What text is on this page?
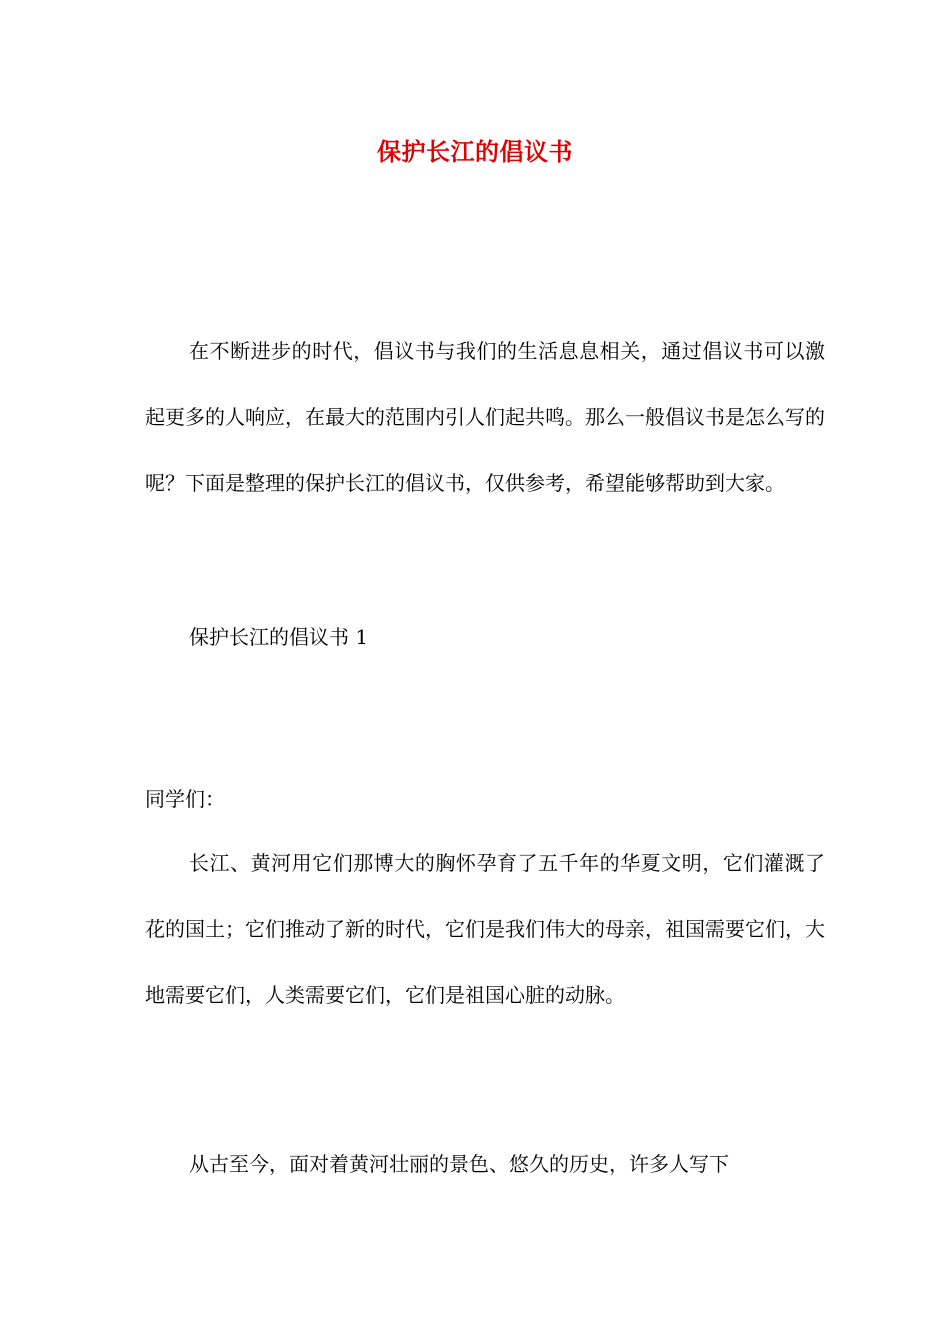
保护长江的倡议书

在不断进步的时代，倡议书与我们的生活息息相关，通过倡议书可以激起更多的人响应，在最大的范围内引人们起共鸣。那么一般倡议书是怎么写的呢？下面是整理的保护长江的倡议书，仅供参考，希望能够帮助到大家。

保护长江的倡议书 1

同学们：

长江、黄河用它们那博大的胸怀孕育了五千年的华夏文明，它们灌溉了花的国土；它们推动了新的时代，它们是我们伟大的母亲，祖国需要它们，大地需要它们，人类需要它们，它们是祖国心脏的动脉。

从古至今，面对着黄河壮丽的景色、悠久的历史，许多人写下
